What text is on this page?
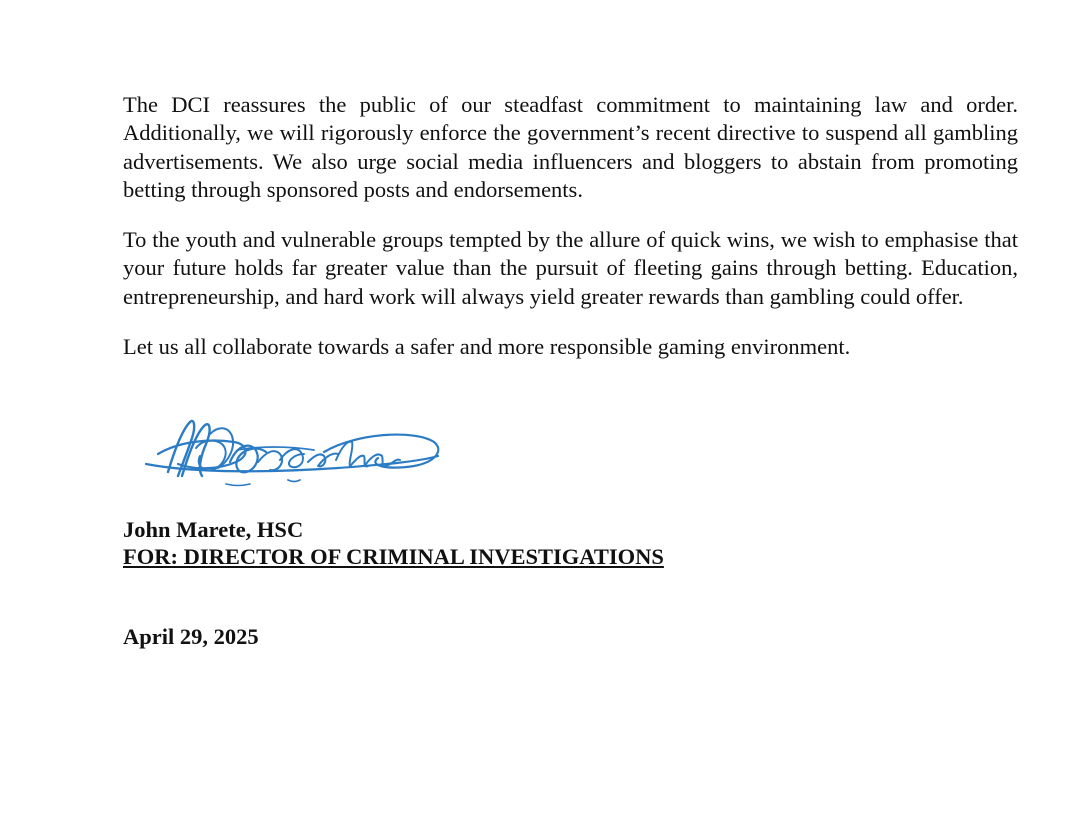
The DCI reassures the public of our steadfast commitment to maintaining law and order. Additionally, we will rigorously enforce the government’s recent directive to suspend all gambling advertisements. We also urge social media influencers and bloggers to abstain from promoting betting through sponsored posts and endorsements.

To the youth and vulnerable groups tempted by the allure of quick wins, we wish to emphasise that your future holds far greater value than the pursuit of fleeting gains through betting. Education, entrepreneurship, and hard work will always yield greater rewards than gambling could offer.

Let us all collaborate towards a safer and more responsible gaming environment.

John Marete, HSC
FOR: DIRECTOR OF CRIMINAL INVESTIGATIONS
April 29, 2025
